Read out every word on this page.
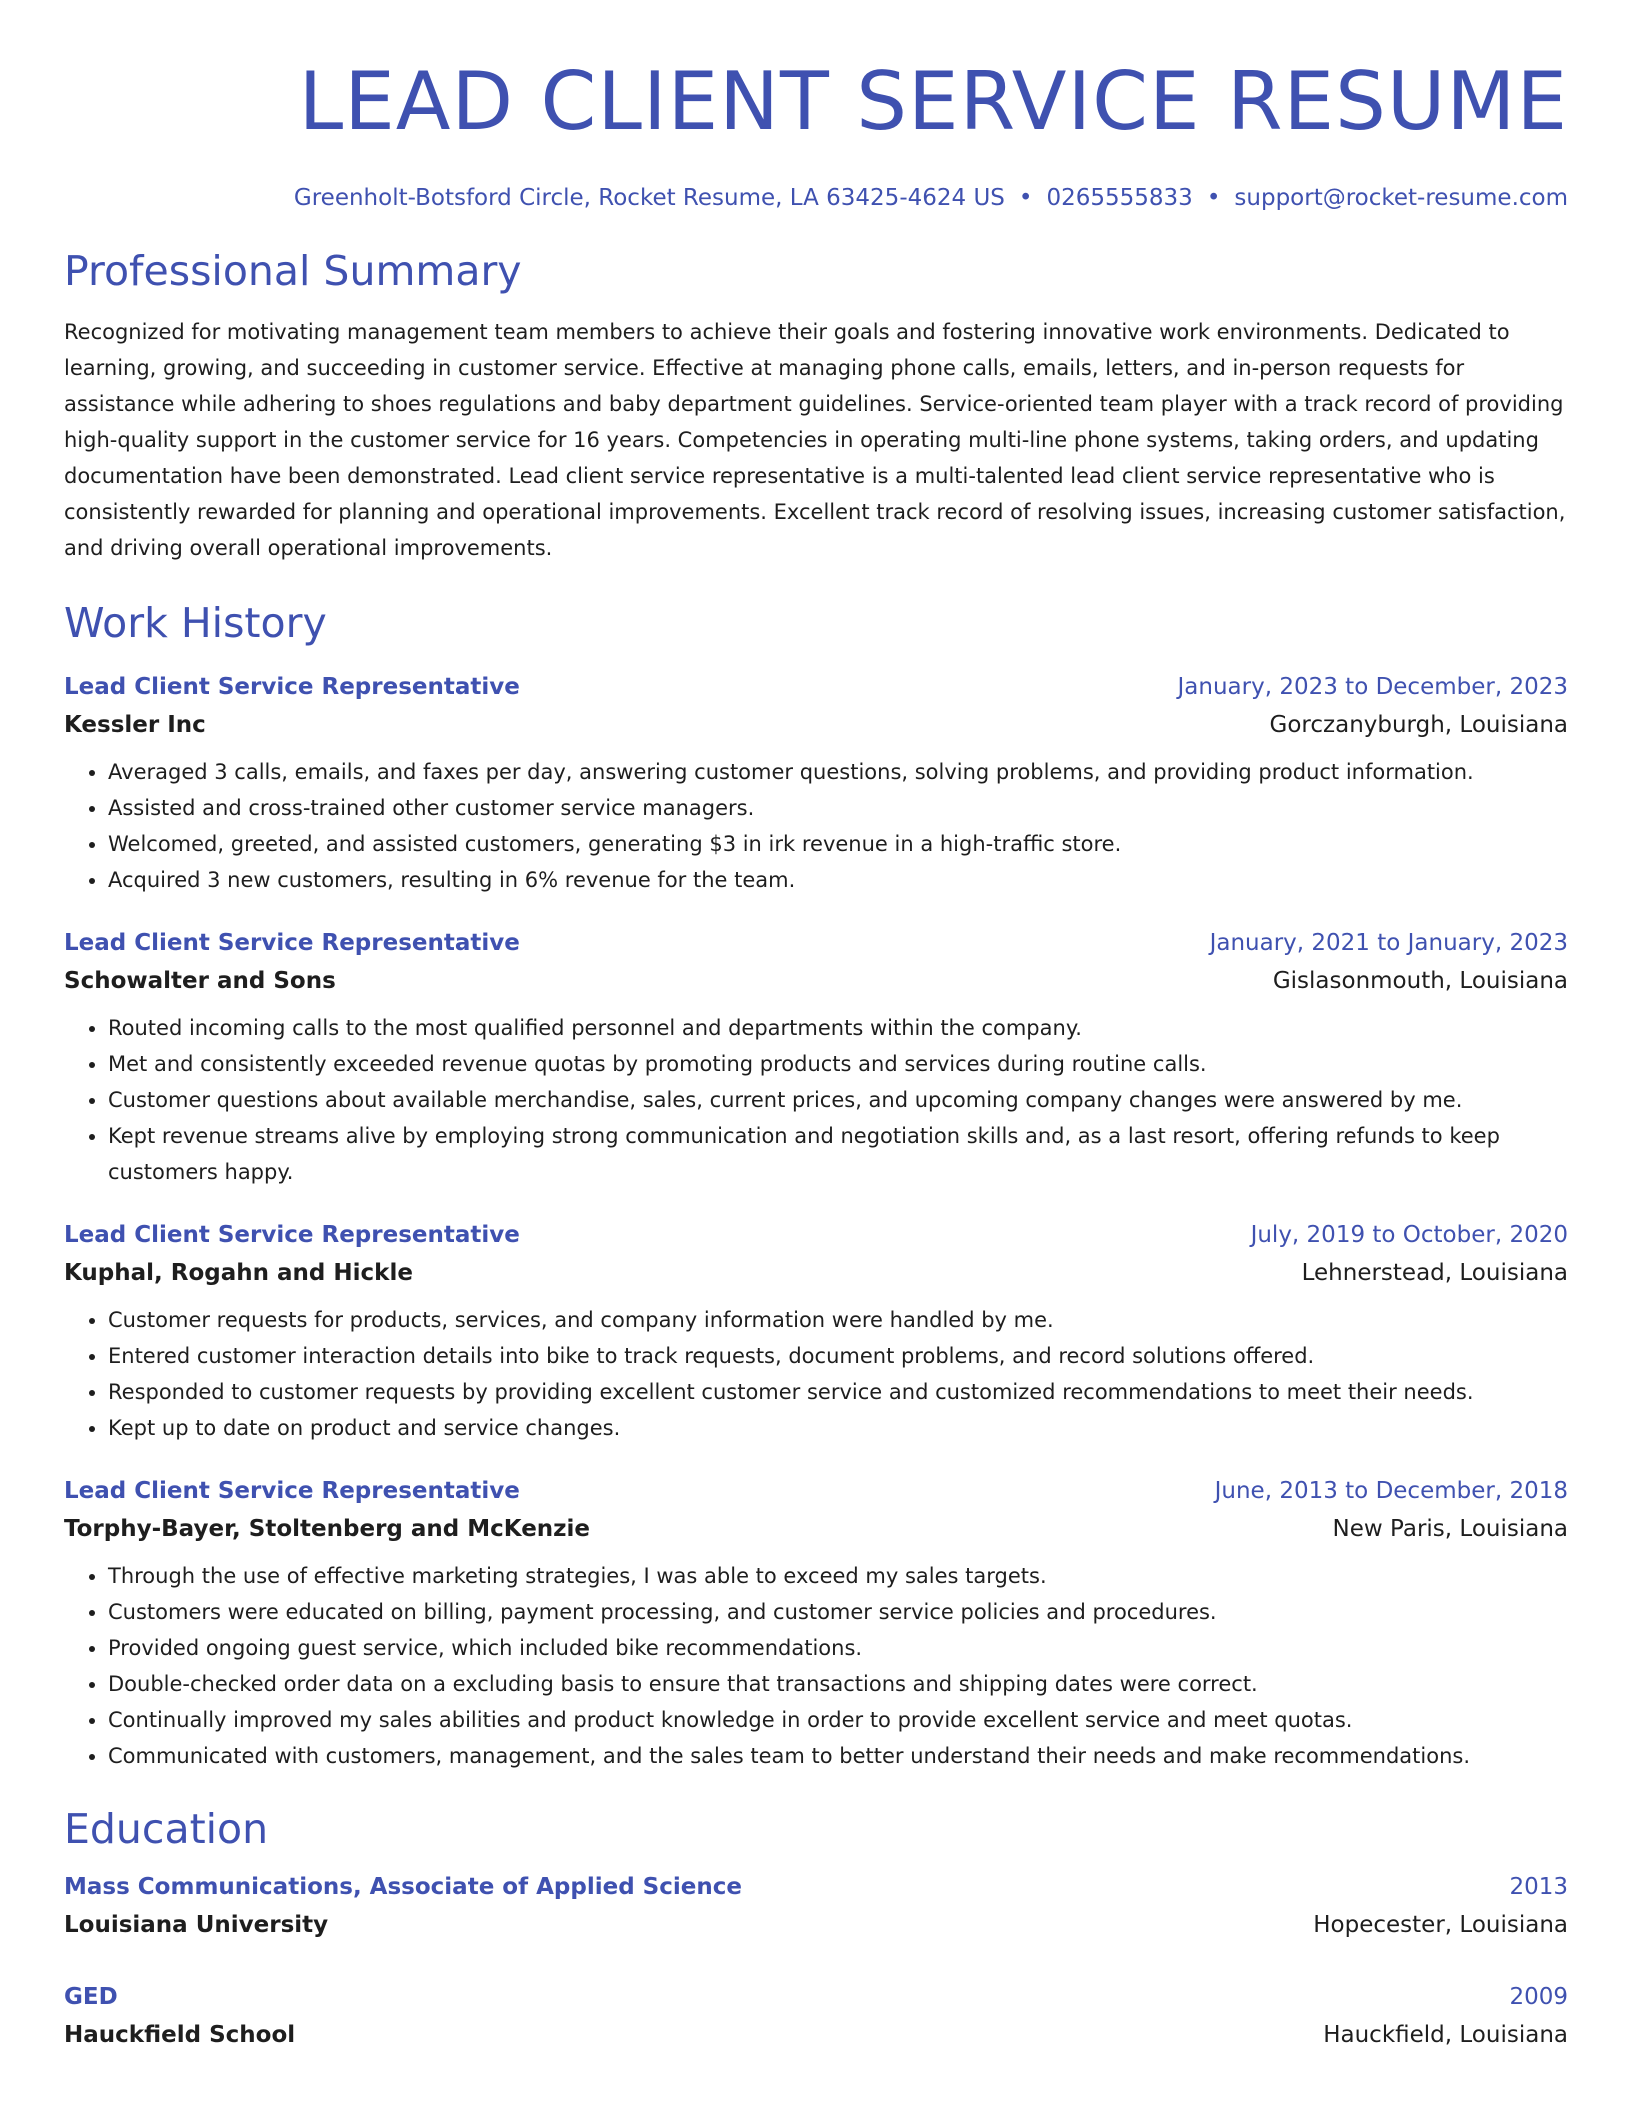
LEAD CLIENT SERVICE RESUME
Greenholt-Botsford Circle, Rocket Resume, LA 63425-4624 US • 0265555833 • support@rocket-resume.com
Professional Summary
Recognized for motivating management team members to achieve their goals and fostering innovative work environments. Dedicated to learning, growing, and succeeding in customer service. Effective at managing phone calls, emails, letters, and in-person requests for assistance while adhering to shoes regulations and baby department guidelines. Service-oriented team player with a track record of providing high-quality support in the customer service for 16 years. Competencies in operating multi-line phone systems, taking orders, and updating documentation have been demonstrated. Lead client service representative is a multi-talented lead client service representative who is consistently rewarded for planning and operational improvements. Excellent track record of resolving issues, increasing customer satisfaction, and driving overall operational improvements.
Work History
Lead Client Service Representative	January, 2023 to December, 2023
Kessler Inc	Gorczanyburgh, Louisiana
• Averaged 3 calls, emails, and faxes per day, answering customer questions, solving problems, and providing product information.
• Assisted and cross-trained other customer service managers.
• Welcomed, greeted, and assisted customers, generating $3 in irk revenue in a high-traffic store.
• Acquired 3 new customers, resulting in 6% revenue for the team.
Lead Client Service Representative	January, 2021 to January, 2023
Schowalter and Sons	Gislasonmouth, Louisiana
• Routed incoming calls to the most qualified personnel and departments within the company.
• Met and consistently exceeded revenue quotas by promoting products and services during routine calls.
• Customer questions about available merchandise, sales, current prices, and upcoming company changes were answered by me.
• Kept revenue streams alive by employing strong communication and negotiation skills and, as a last resort, offering refunds to keep customers happy.
Lead Client Service Representative	July, 2019 to October, 2020
Kuphal, Rogahn and Hickle	Lehnerstead, Louisiana
• Customer requests for products, services, and company information were handled by me.
• Entered customer interaction details into bike to track requests, document problems, and record solutions offered.
• Responded to customer requests by providing excellent customer service and customized recommendations to meet their needs.
• Kept up to date on product and service changes.
Lead Client Service Representative	June, 2013 to December, 2018
Torphy-Bayer, Stoltenberg and McKenzie	New Paris, Louisiana
• Through the use of effective marketing strategies, I was able to exceed my sales targets.
• Customers were educated on billing, payment processing, and customer service policies and procedures.
• Provided ongoing guest service, which included bike recommendations.
• Double-checked order data on a excluding basis to ensure that transactions and shipping dates were correct.
• Continually improved my sales abilities and product knowledge in order to provide excellent service and meet quotas.
• Communicated with customers, management, and the sales team to better understand their needs and make recommendations.
Education
Mass Communications, Associate of Applied Science	2013
Louisiana University	Hopecester, Louisiana
GED	2009
Hauckfield School	Hauckfield, Louisiana
